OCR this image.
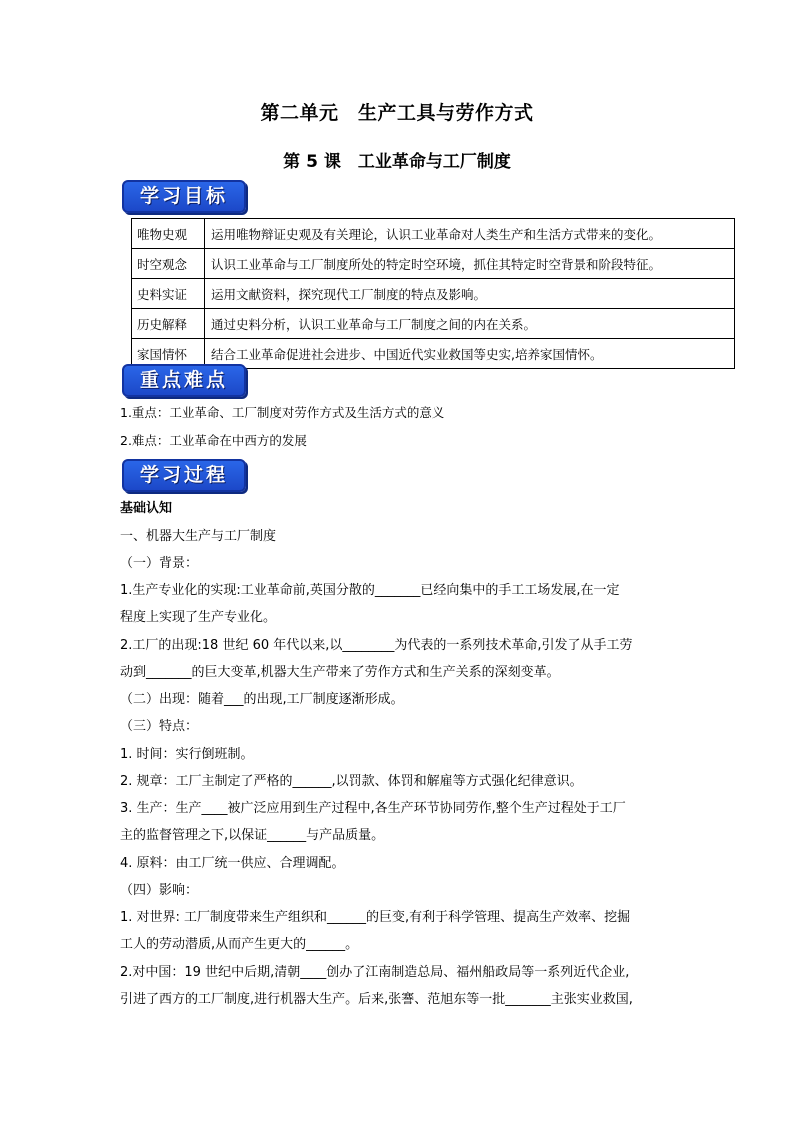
第二单元　生产工具与劳作方式
第 5 课　工业革命与工厂制度
学习目标
唯物史观	运用唯物辩证史观及有关理论，认识工业革命对人类生产和生活方式带来的变化。
时空观念	认识工业革命与工厂制度所处的特定时空环境，抓住其特定时空背景和阶段特征。
史料实证	运用文献资料，探究现代工厂制度的特点及影响。
历史解释	通过史料分析，认识工业革命与工厂制度之间的内在关系。
家国情怀	结合工业革命促进社会进步、中国近代实业救国等史实,培养家国情怀。
重点难点
1.重点：工业革命、工厂制度对劳作方式及生活方式的意义
2.难点：工业革命在中西方的发展
学习过程
基础认知
一、机器大生产与工厂制度
（一）背景：
1.生产专业化的实现:工业革命前,英国分散的_______已经向集中的手工工场发展,在一定
程度上实现了生产专业化。
2.工厂的出现:18 世纪 60 年代以来,以________为代表的一系列技术革命,引发了从手工劳
动到_______的巨大变革,机器大生产带来了劳作方式和生产关系的深刻变革。
（二）出现：随着___的出现,工厂制度逐渐形成。
（三）特点：
1. 时间：实行倒班制。
2. 规章：工厂主制定了严格的______,以罚款、体罚和解雇等方式强化纪律意识。
3. 生产：生产____被广泛应用到生产过程中,各生产环节协同劳作,整个生产过程处于工厂
主的监督管理之下,以保证______与产品质量。
4. 原料：由工厂统一供应、合理调配。
（四）影响：
1. 对世界: 工厂制度带来生产组织和______的巨变,有利于科学管理、提高生产效率、挖掘
工人的劳动潜质,从而产生更大的______。
2.对中国：19 世纪中后期,清朝____创办了江南制造总局、福州船政局等一系列近代企业,
引进了西方的工厂制度,进行机器大生产。后来,张謇、范旭东等一批_______主张实业救国,
